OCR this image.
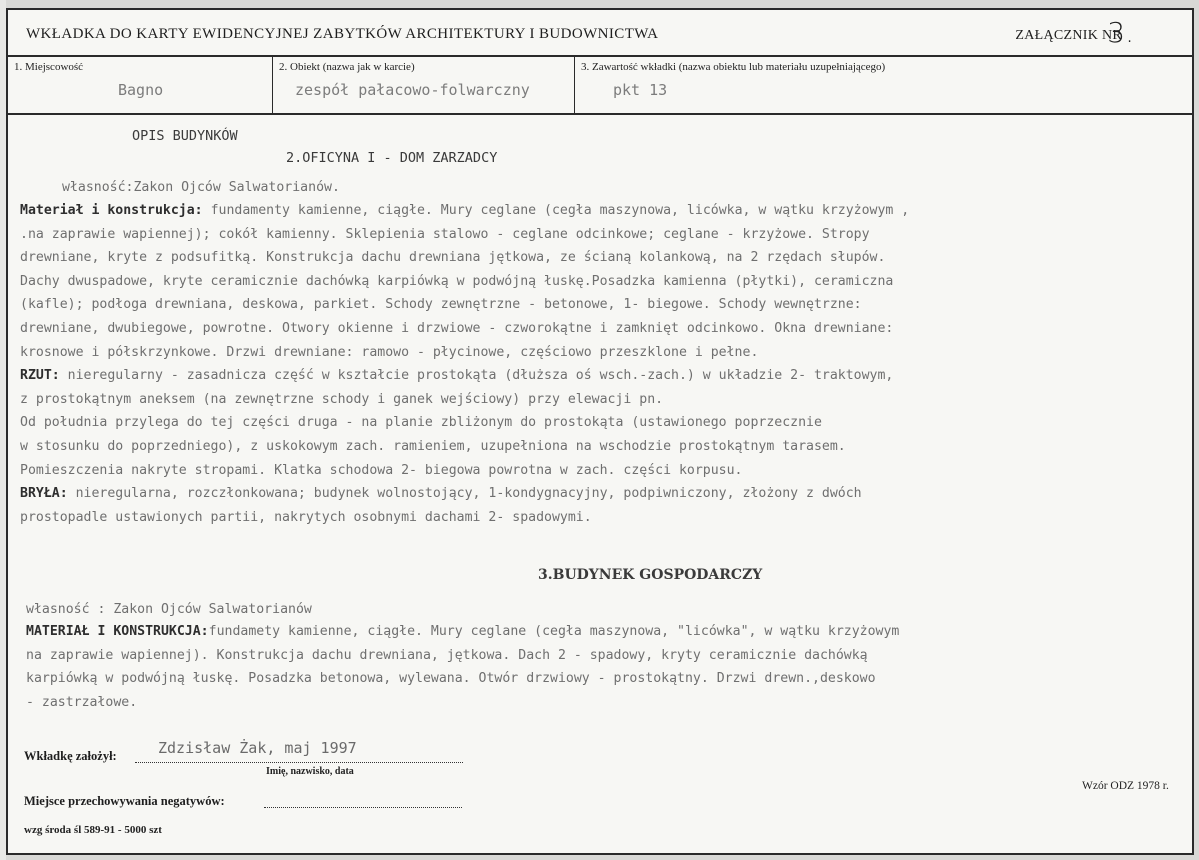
WKŁADKA DO KARTY EWIDENCYJNEJ ZABYTKÓW ARCHITEKTURY I BUDOWNICTWA	ZAŁĄCZNIK NR
3.
1. Miejscowość
Bagno
2. Obiekt (nazwa jak w karcie)
zespół pałacowo-folwarczny
3. Zawartość wkładki (nazwa obiektu lub materiału uzupełniającego)
pkt 13
OPIS BUDYNKÓW
2.OFICYNA I - DOM ZARZADCY
własność:Zakon Ojców Salwatorianów.
Materiał i konstrukcja: fundamenty kamienne, ciągłe. Mury ceglane (cegła maszynowa, licówka, w wątku krzyżowym ,
.na zaprawie wapiennej); cokół kamienny. Sklepienia stalowo - ceglane odcinkowe; ceglane - krzyżowe. Stropy
drewniane, kryte z podsufitką. Konstrukcja dachu drewniana jętkowa, ze ścianą kolankową, na 2 rzędach słupów.
Dachy dwuspadowe, kryte ceramicznie dachówką karpiówką w podwójną łuskę.Posadzka kamienna (płytki), ceramiczna
(kafle); podłoga drewniana, deskowa, parkiet. Schody zewnętrzne - betonowe, 1- biegowe. Schody wewnętrzne:
drewniane, dwubiegowe, powrotne. Otwory okienne i drzwiowe - czworokątne i zamknięt odcinkowo. Okna drewniane:
krosnowe i półskrzynkowe. Drzwi drewniane: ramowo - płycinowe, częściowo przeszklone i pełne.
RZUT: nieregularny - zasadnicza część w kształcie prostokąta (dłuższa oś wsch.-zach.) w układzie 2- traktowym,
z prostokątnym aneksem (na zewnętrzne schody i ganek wejściowy) przy elewacji pn.
Od południa przylega do tej części druga - na planie zbliżonym do prostokąta (ustawionego poprzecznie
w stosunku do poprzedniego), z uskokowym zach. ramieniem, uzupełniona na wschodzie prostokątnym tarasem.
Pomieszczenia nakryte stropami. Klatka schodowa 2- biegowa powrotna w zach. części korpusu.
BRYŁA: nieregularna, rozczłonkowana; budynek wolnostojący, 1-kondygnacyjny, podpiwniczony, złożony z dwóch
prostopadle ustawionych partii, nakrytych osobnymi dachami 2- spadowymi.
3.BUDYNEK GOSPODARCZY
własność : Zakon Ojców Salwatorianów
MATERIAŁ I KONSTRUKCJA:fundamety kamienne, ciągłe. Mury ceglane (cegła maszynowa, "licówka", w wątku krzyżowym
na zaprawie wapiennej). Konstrukcja dachu drewniana, jętkowa. Dach 2 - spadowy, kryty ceramicznie dachówką
karpiówką w podwójną łuskę. Posadzka betonowa, wylewana. Otwór drzwiowy - prostokątny. Drzwi drewn.,deskowo
- zastrzałowe.
Wkładkę założył:	Zdzisław Żak, maj 1997
Imię, nazwisko, data
Wzór ODZ 1978 r.
Miejsce przechowywania negatywów:
wzg środa śl 589-91 - 5000 szt
